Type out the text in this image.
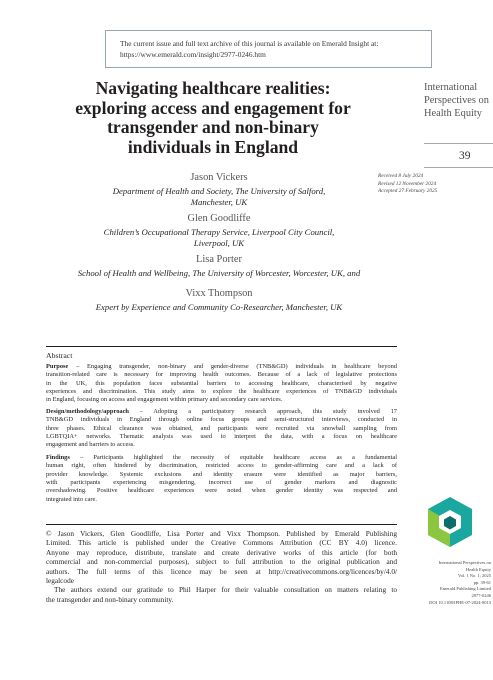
The current issue and full text archive of this journal is available on Emerald Insight at:
https://www.emerald.com/insight/2977-0246.htm
Navigating healthcare realities:
exploring access and engagement for
transgender and non-binary
individuals in England
International
Perspectives on
Health Equity
39
Received 8 July 2024
Revised 12 November 2024
Accepted 27 February 2025
Jason Vickers
Department of Health and Society, The University of Salford,
Manchester, UK
Glen Goodliffe
Children’s Occupational Therapy Service, Liverpool City Council,
Liverpool, UK
Lisa Porter
School of Health and Wellbeing, The University of Worcester, Worcester, UK, and
Vixx Thompson
Expert by Experience and Community Co-Researcher, Manchester, UK
Abstract
Purpose – Engaging transgender, non-binary and gender-diverse (TNB&GD) individuals in healthcare beyond
transition-related care is necessary for improving health outcomes. Because of a lack of legislative protections
in the UK, this population faces substantial barriers to accessing healthcare, characterised by negative
experiences and discrimination. This study aims to explore the healthcare experiences of TNB&GD individuals
in England, focusing on access and engagement within primary and secondary care services.
Design/methodology/approach – Adopting a participatory research approach, this study involved 17
TNB&GD individuals in England through online focus groups and semi-structured interviews, conducted in
three phases. Ethical clearance was obtained, and participants were recruited via snowball sampling from
LGBTQIA+ networks. Thematic analysis was used to interpret the data, with a focus on healthcare
engagement and barriers to access.
Findings – Participants highlighted the necessity of equitable healthcare access as a fundamental
human right, often hindered by discrimination, restricted access to gender-affirming care and a lack of
provider knowledge. Systemic exclusions and identity erasure were identified as major barriers,
with participants experiencing misgendering, incorrect use of gender markers and diagnostic
overshadowing. Positive healthcare experiences were noted when gender identity was respected and
integrated into care.
© Jason Vickers, Glen Goodliffe, Lisa Porter and Vixx Thompson. Published by Emerald Publishing
Limited. This article is published under the Creative Commons Attribution (CC BY 4.0) licence.
Anyone may reproduce, distribute, translate and create derivative works of this article (for both
commercial and non-commercial purposes), subject to full attribution to the original publication and
authors. The full terms of this licence may be seen at http://creativecommons.org/licences/by/4.0/
legalcode
The authors extend our gratitude to Phil Harper for their valuable consultation on matters relating to
the transgender and non-binary community.
International Perspectives on
Health Equity
Vol. 1 No. 1, 2025
pp. 39-61
Emerald Publishing Limited
2977-0246
DOI 10.1108/IPHE-07-2024-0013
